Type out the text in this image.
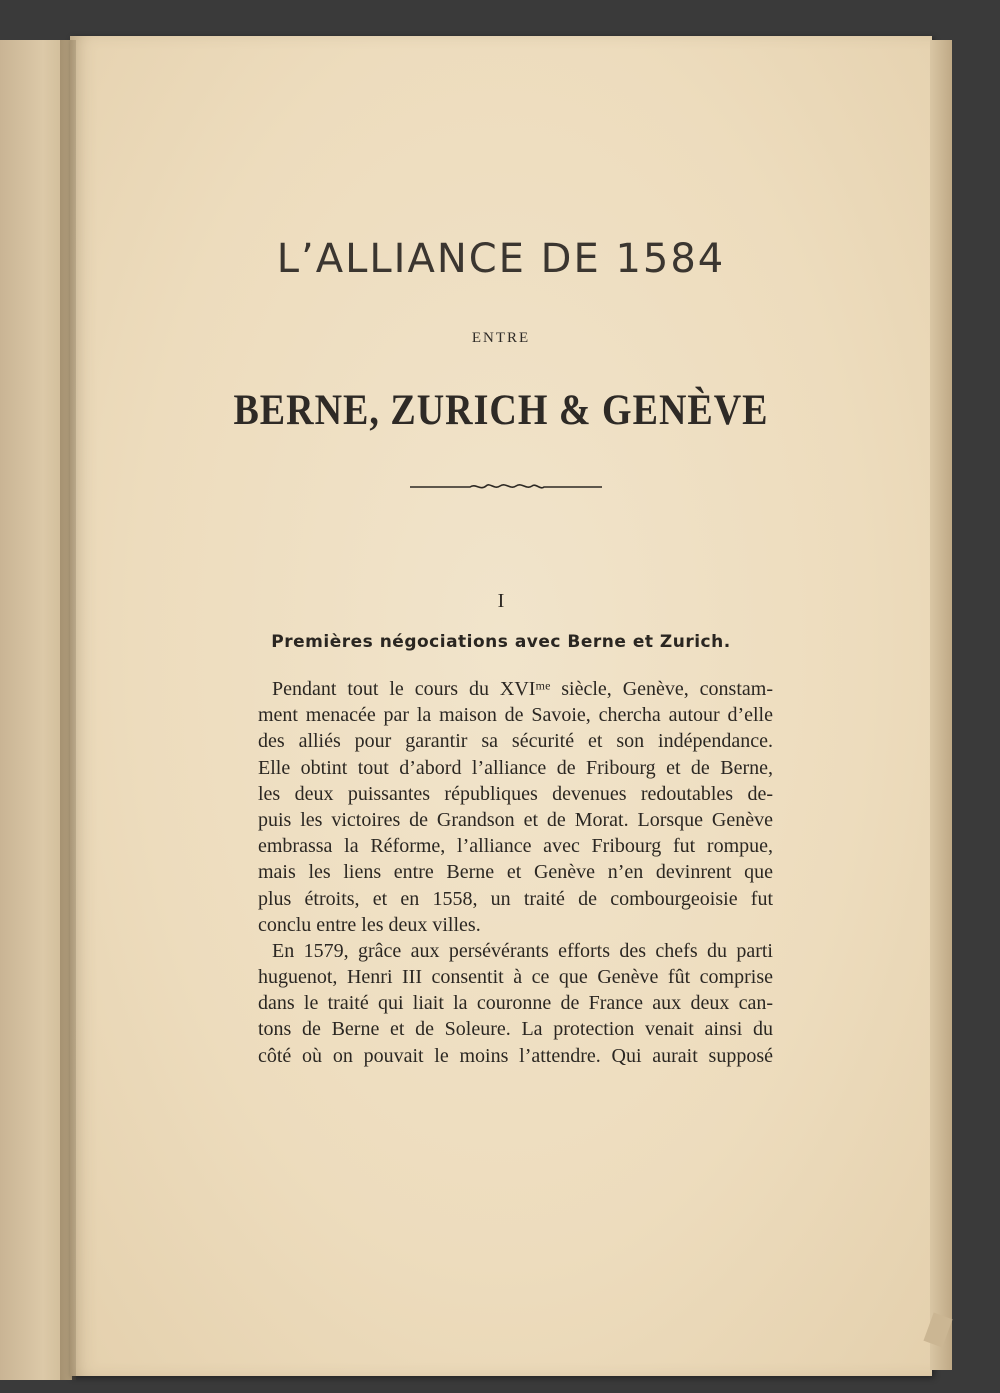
L’ALLIANCE DE 1584
ENTRE
BERNE, ZURICH & GENÈVE
I
Premières négociations avec Berne et Zurich.
Pendant tout le cours du XVIᵐᵉ siècle, Genève, constam-
ment menacée par la maison de Savoie, chercha autour d’elle
des alliés pour garantir sa sécurité et son indépendance.
Elle obtint tout d’abord l’alliance de Fribourg et de Berne,
les deux puissantes républiques devenues redoutables de-
puis les victoires de Grandson et de Morat. Lorsque Genève
embrassa la Réforme, l’alliance avec Fribourg fut rompue,
mais les liens entre Berne et Genève n’en devinrent que
plus étroits, et en 1558, un traité de combourgeoisie fut
conclu entre les deux villes.
En 1579, grâce aux persévérants efforts des chefs du parti
huguenot, Henri III consentit à ce que Genève fût comprise
dans le traité qui liait la couronne de France aux deux can-
tons de Berne et de Soleure. La protection venait ainsi du
côté où on pouvait le moins l’attendre. Qui aurait supposé
